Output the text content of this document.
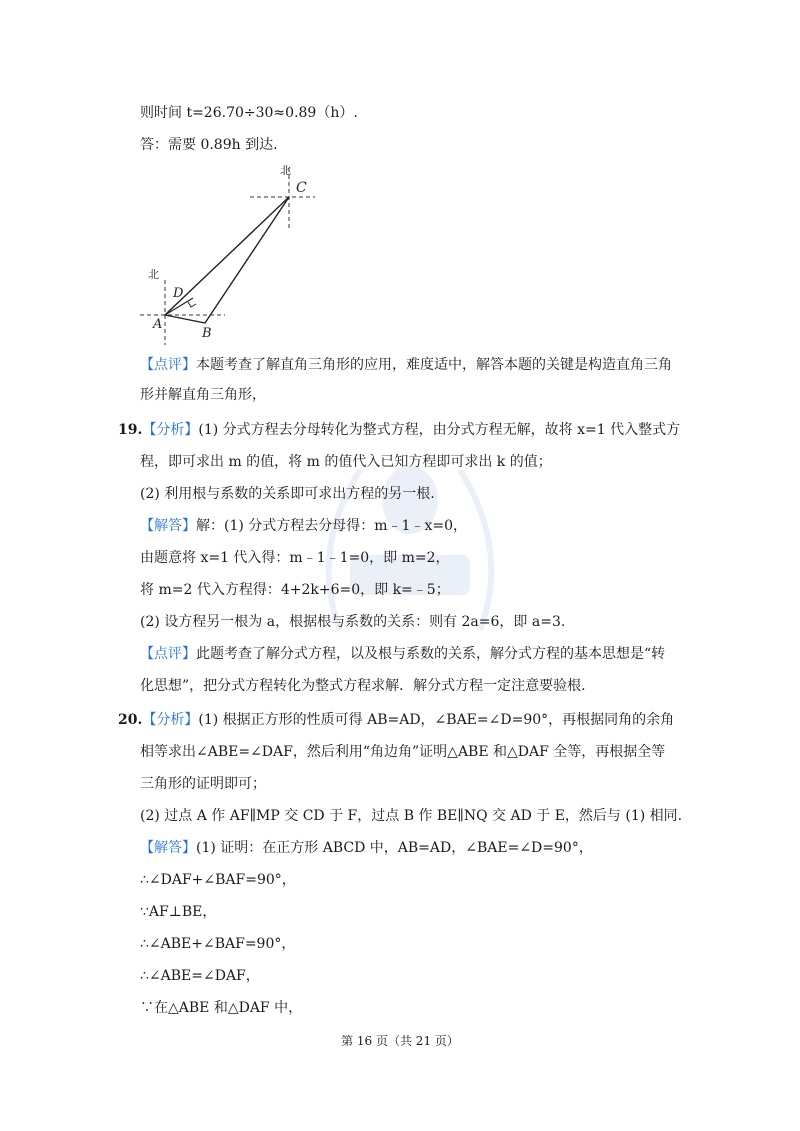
则时间 t=26.70÷30≈0.89（h）.
答：需要 0.89h 到达.
北
C
北
D
A
B
【点评】本题考查了解直角三角形的应用，难度适中，解答本题的关键是构造直角三角
形并解直角三角形，
19.【分析】(1) 分式方程去分母转化为整式方程，由分式方程无解，故将 x=1 代入整式方
程，即可求出 m 的值，将 m 的值代入已知方程即可求出 k 的值；
(2) 利用根与系数的关系即可求出方程的另一根.
【解答】解：(1) 分式方程去分母得：m﹣1﹣x=0，
由题意将 x=1 代入得：m﹣1﹣1=0，即 m=2，
将 m=2 代入方程得：4+2k+6=0，即 k=﹣5；
(2) 设方程另一根为 a，根据根与系数的关系：则有 2a=6，即 a=3.
【点评】此题考查了解分式方程，以及根与系数的关系，解分式方程的基本思想是“转
化思想”，把分式方程转化为整式方程求解．解分式方程一定注意要验根.
20.【分析】(1) 根据正方形的性质可得 AB=AD，∠BAE=∠D=90°，再根据同角的余角
相等求出∠ABE=∠DAF，然后利用“角边角”证明△ABE 和△DAF 全等，再根据全等
三角形的证明即可；
(2) 过点 A 作 AF∥MP 交 CD 于 F，过点 B 作 BE∥NQ 交 AD 于 E，然后与 (1) 相同.
【解答】(1) 证明：在正方形 ABCD 中，AB=AD，∠BAE=∠D=90°，
∴∠DAF+∠BAF=90°，
∵AF⊥BE，
∴∠ABE+∠BAF=90°，
∴∠ABE=∠DAF，
∵在△ABE 和△DAF 中，
第 16 页（共 21 页）
